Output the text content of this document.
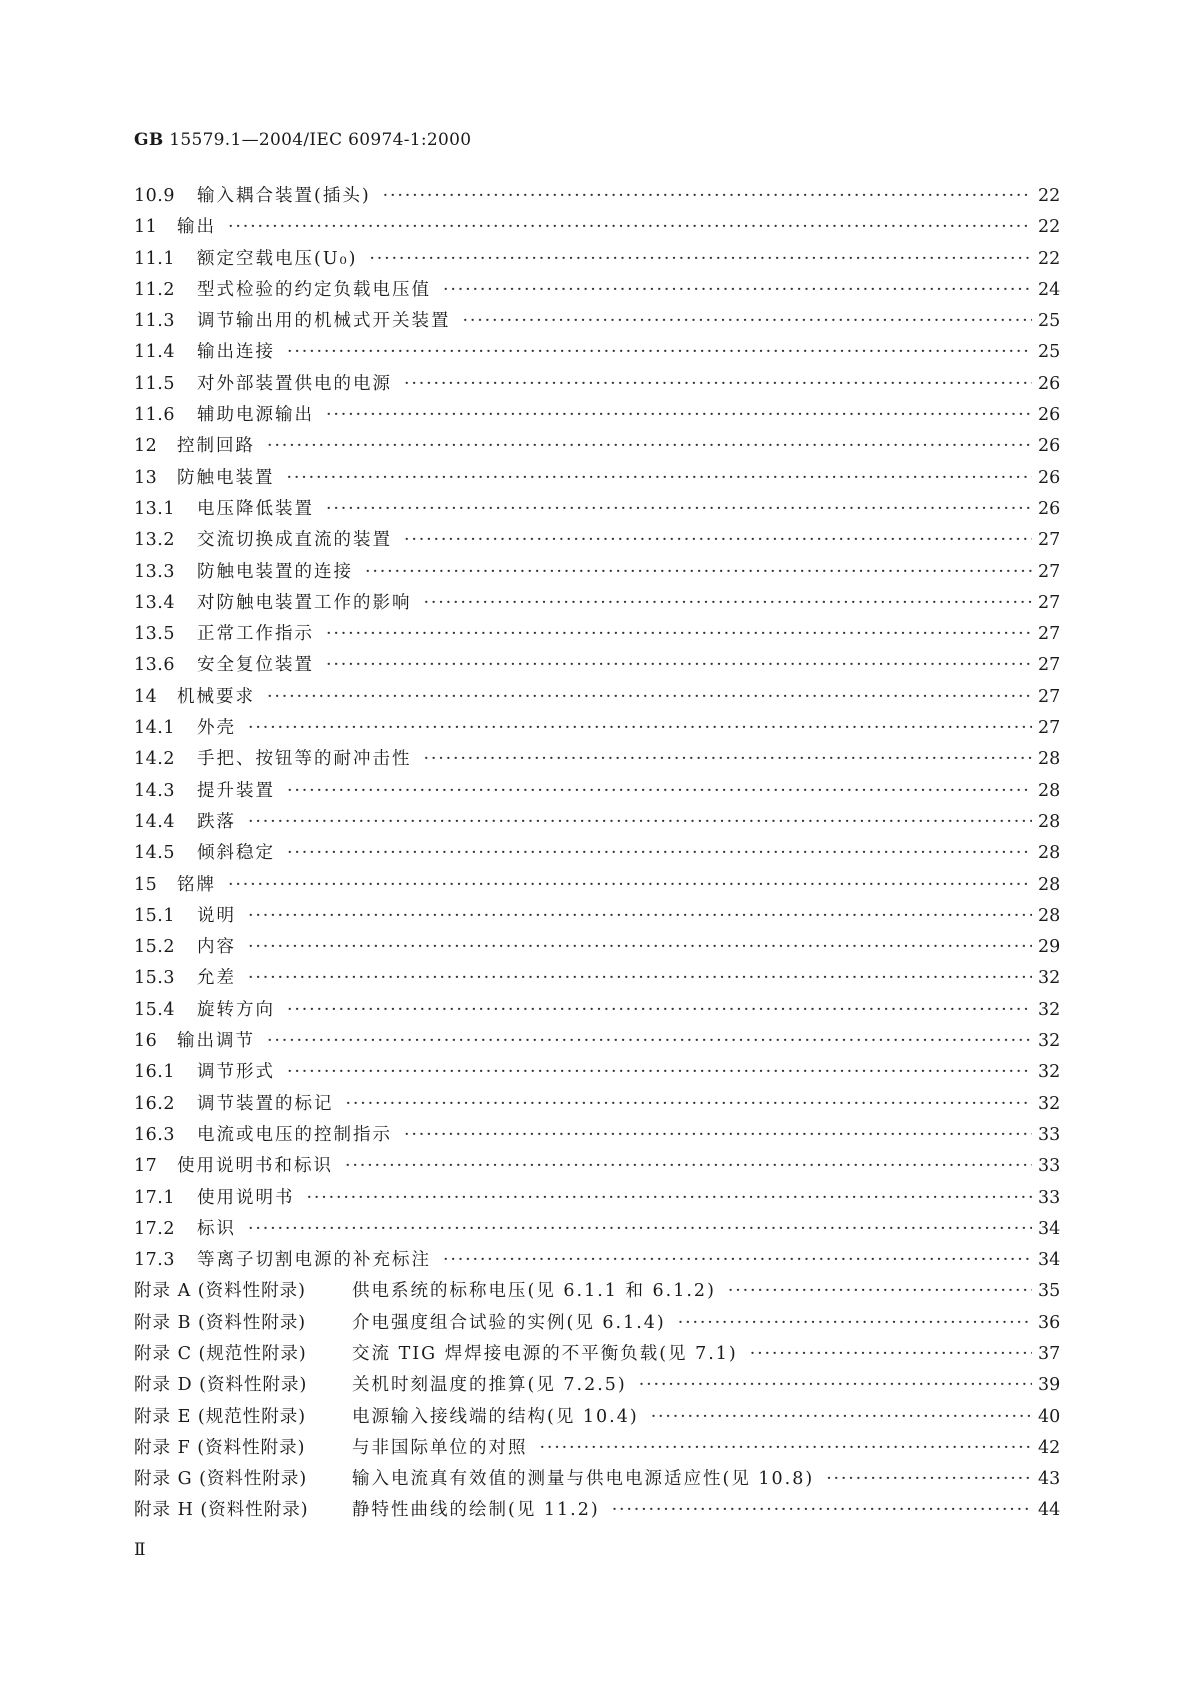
GB 15579.1—2004/IEC 60974-1:2000
10.9	输入耦合装置(插头) ·····	22
11	输出 ·····	22
11.1	额定空载电压(U₀) ·····	22
11.2	型式检验的约定负载电压值 ·····	24
11.3	调节输出用的机械式开关装置 ·····	25
11.4	输出连接 ·····	25
11.5	对外部装置供电的电源 ·····	26
11.6	辅助电源输出 ·····	26
12	控制回路 ·····	26
13	防触电装置 ·····	26
13.1	电压降低装置 ·····	26
13.2	交流切换成直流的装置 ·····	27
13.3	防触电装置的连接 ·····	27
13.4	对防触电装置工作的影响 ·····	27
13.5	正常工作指示 ·····	27
13.6	安全复位装置 ·····	27
14	机械要求 ·····	27
14.1	外壳 ·····	27
14.2	手把、按钮等的耐冲击性 ·····	28
14.3	提升装置 ·····	28
14.4	跌落 ·····	28
14.5	倾斜稳定 ·····	28
15	铭牌 ·····	28
15.1	说明 ·····	28
15.2	内容 ·····	29
15.3	允差 ·····	32
15.4	旋转方向 ·····	32
16	输出调节 ·····	32
16.1	调节形式 ·····	32
16.2	调节装置的标记 ·····	32
16.3	电流或电压的控制指示 ·····	33
17	使用说明书和标识 ·····	33
17.1	使用说明书 ·····	33
17.2	标识 ·····	34
17.3	等离子切割电源的补充标注 ·····	34
附录 A (资料性附录)	供电系统的标称电压(见 6.1.1 和 6.1.2) ·····	35
附录 B (资料性附录)	介电强度组合试验的实例(见 6.1.4) ·····	36
附录 C (规范性附录)	交流 TIG 焊焊接电源的不平衡负载(见 7.1) ·····	37
附录 D (资料性附录)	关机时刻温度的推算(见 7.2.5) ·····	39
附录 E (规范性附录)	电源输入接线端的结构(见 10.4) ·····	40
附录 F (资料性附录)	与非国际单位的对照 ·····	42
附录 G (资料性附录)	输入电流真有效值的测量与供电电源适应性(见 10.8) ·····	43
附录 H (资料性附录)	静特性曲线的绘制(见 11.2) ·····	44
Ⅱ
